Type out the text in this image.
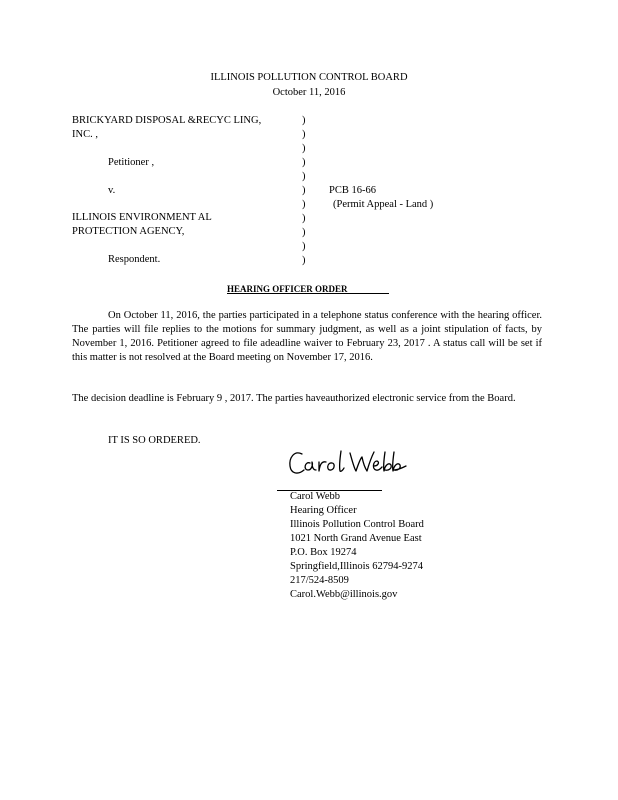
ILLINOIS POLLUTION CONTROL BOARD
October 11, 2016
BRICKYARD DISPOSAL &RECYC LING,
INC. ,
Petitioner ,
v.
ILLINOIS ENVIRONMENT AL
PROTECTION AGENCY,
Respondent.
)
)
)
)
)
)
)
)
)
)
)
PCB 16-66
(Permit Appeal - Land )
HEARING OFFICER ORDER
On October 11, 2016, the parties participated in a telephone status conference with the hearing officer. The parties will file replies to the motions for summary judgment, as well as a joint stipulation of facts, by November 1, 2016. Petitioner agreed to file adeadline waiver to February 23, 2017 . A status call will be set if this matter is not resolved at the Board meeting on November 17, 2016.
The decision deadline is February 9 , 2017. The parties haveauthorized electronic service from the Board.
IT IS SO ORDERED.
Carol Webb
Hearing Officer
Illinois Pollution Control Board
1021 North Grand Avenue East
P.O. Box 19274
Springfield,Illinois 62794-9274
217/524-8509
Carol.Webb@illinois.gov
